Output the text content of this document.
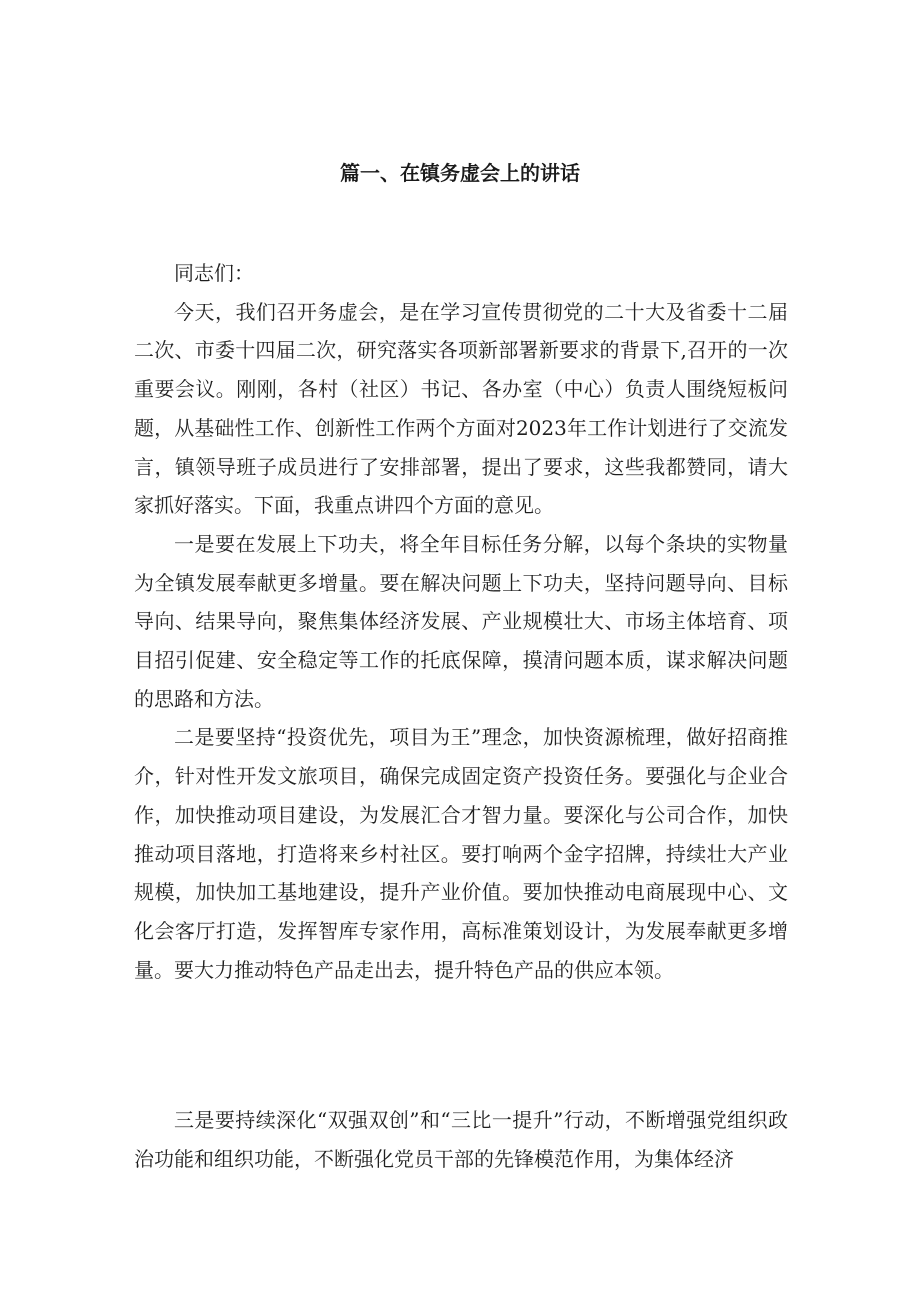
篇一、在镇务虚会上的讲话

同志们：

今天，我们召开务虚会，是在学习宣传贯彻党的二十大及省委十二届二次、市委十四届二次，研究落实各项新部署新要求的背景下,召开的一次重要会议。刚刚，各村（社区）书记、各办室（中心）负责人围绕短板问题，从基础性工作、创新性工作两个方面对2023年工作计划进行了交流发言，镇领导班子成员进行了安排部署，提出了要求，这些我都赞同，请大家抓好落实。下面，我重点讲四个方面的意见。

一是要在发展上下功夫，将全年目标任务分解，以每个条块的实物量为全镇发展奉献更多增量。要在解决问题上下功夫，坚持问题导向、目标导向、结果导向，聚焦集体经济发展、产业规模壮大、市场主体培育、项目招引促建、安全稳定等工作的托底保障，摸清问题本质，谋求解决问题的思路和方法。

二是要坚持“投资优先，项目为王”理念，加快资源梳理，做好招商推介，针对性开发文旅项目，确保完成固定资产投资任务。要强化与企业合作，加快推动项目建设，为发展汇合才智力量。要深化与公司合作，加快推动项目落地，打造将来乡村社区。要打响两个金字招牌，持续壮大产业规模，加快加工基地建设，提升产业价值。要加快推动电商展现中心、文化会客厅打造，发挥智库专家作用，高标准策划设计，为发展奉献更多增量。要大力推动特色产品走出去，提升特色产品的供应本领。

三是要持续深化“双强双创”和“三比一提升”行动，不断增强党组织政治功能和组织功能，不断强化党员干部的先锋模范作用，为集体经济
